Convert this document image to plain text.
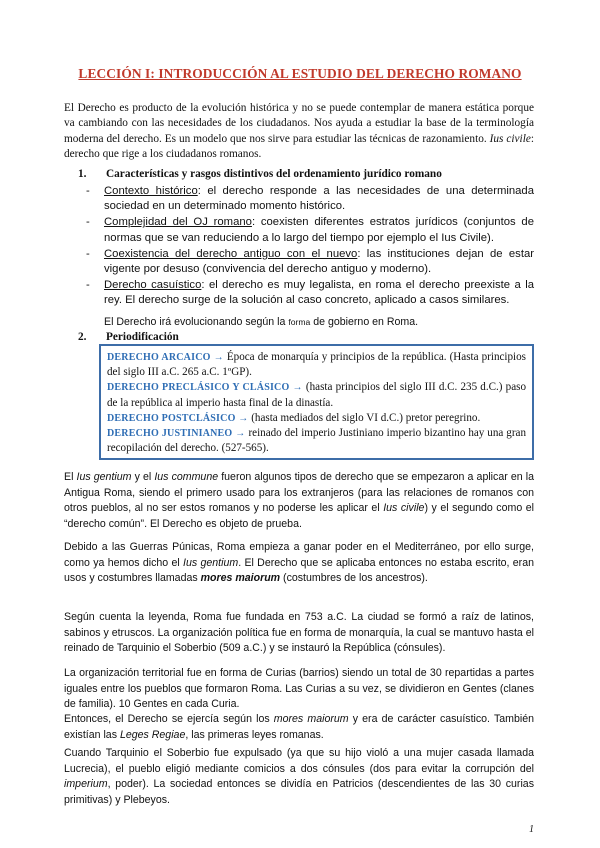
LECCIÓN I: INTRODUCCIÓN AL ESTUDIO DEL DERECHO ROMANO
El Derecho es producto de la evolución histórica y no se puede contemplar de manera estática porque va cambiando con las necesidades de los ciudadanos. Nos ayuda a estudiar la base de la terminología moderna del derecho. Es un modelo que nos sirve para estudiar las técnicas de razonamiento. Ius civile: derecho que rige a los ciudadanos romanos.
1. Características y rasgos distintivos del ordenamiento jurídico romano
- Contexto histórico: el derecho responde a las necesidades de una determinada sociedad en un determinado momento histórico.
- Complejidad del OJ romano: coexisten diferentes estratos jurídicos (conjuntos de normas que se van reduciendo a lo largo del tiempo por ejemplo el Ius Civile).
- Coexistencia del derecho antiguo con el nuevo: las instituciones dejan de estar vigente por desuso (convivencia del derecho antiguo y moderno).
- Derecho casuístico: el derecho es muy legalista, en roma el derecho preexiste a la rey. El derecho surge de la solución al caso concreto, aplicado a casos similares.
El Derecho irá evolucionando según la forma de gobierno en Roma.
2. Periodificación
DERECHO ARCAICO → Época de monarquía y principios de la república. (Hasta principios del siglo III a.C. 265 a.C. 1ºGP).
DERECHO PRECLÁSICO Y CLÁSICO → (hasta principios del siglo III d.C. 235 d.C.) paso de la república al imperio hasta final de la dinastía.
DERECHO POSTCLÁSICO → (hasta mediados del siglo VI d.C.) pretor peregrino.
DERECHO JUSTINIANEO → reinado del imperio Justiniano imperio bizantino hay una gran recopilación del derecho. (527-565).
El Ius gentium y el Ius commune fueron algunos tipos de derecho que se empezaron a aplicar en la Antigua Roma, siendo el primero usado para los extranjeros (para las relaciones de romanos con otros pueblos, al no ser estos romanos y no poderse les aplicar el Ius civile) y el segundo como el “derecho común”. El Derecho es objeto de prueba.
Debido a las Guerras Púnicas, Roma empieza a ganar poder en el Mediterráneo, por ello surge, como ya hemos dicho el Ius gentium. El Derecho que se aplicaba entonces no estaba escrito, eran usos y costumbres llamadas mores maiorum (costumbres de los ancestros).
Según cuenta la leyenda, Roma fue fundada en 753 a.C. La ciudad se formó a raíz de latinos, sabinos y etruscos. La organización política fue en forma de monarquía, la cual se mantuvo hasta el reinado de Tarquinio el Soberbio (509 a.C.) y se instauró la República (cónsules).
La organización territorial fue en forma de Curias (barrios) siendo un total de 30 repartidas a partes iguales entre los pueblos que formaron Roma. Las Curias a su vez, se dividieron en Gentes (clanes de familia). 10 Gentes en cada Curia.
Entonces, el Derecho se ejercía según los mores maiorum y era de carácter casuístico. También existían las Leges Regiae, las primeras leyes romanas.
Cuando Tarquinio el Soberbio fue expulsado (ya que su hijo violó a una mujer casada llamada Lucrecia), el pueblo eligió mediante comicios a dos cónsules (dos para evitar la corrupción del imperium, poder). La sociedad entonces se dividía en Patricios (descendientes de las 30 curias primitivas) y Plebeyos.
1
